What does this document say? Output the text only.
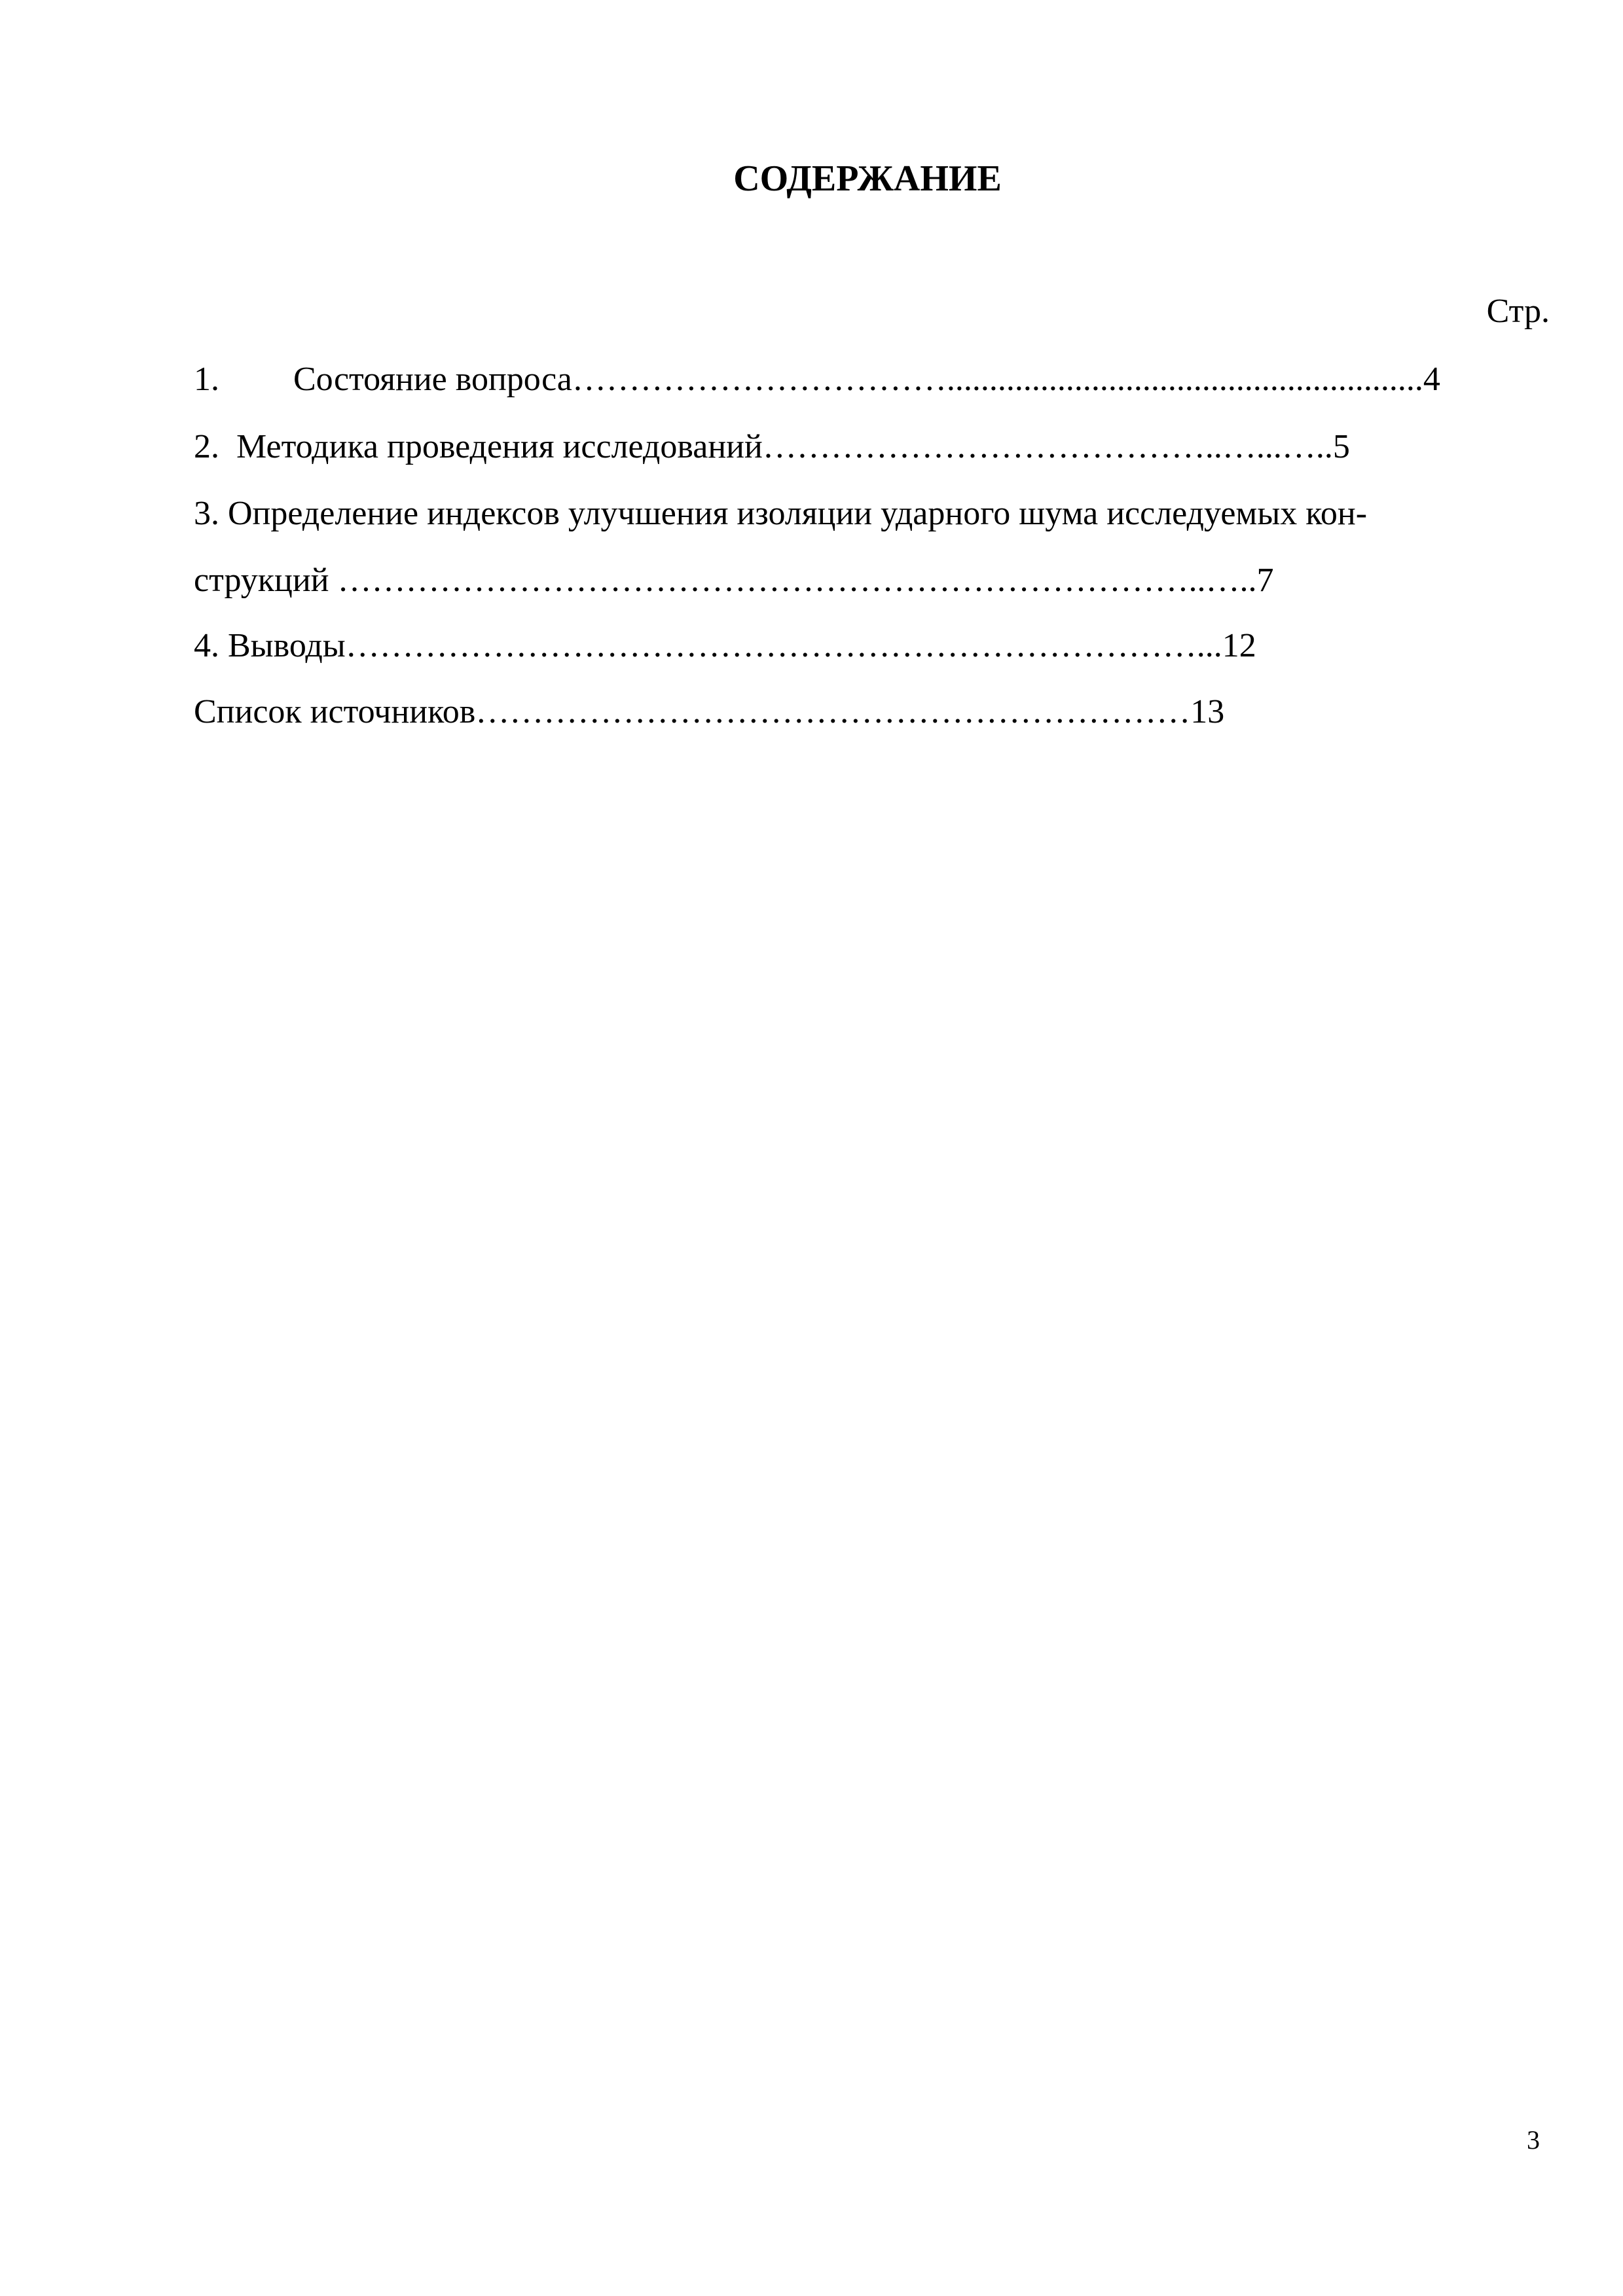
СОДЕРЖАНИЕ
Стр.
1. Состояние вопроса……………………………........................................................4
2. Методика проведения исследований…………………………………..…...…..5
3. Определение индексов улучшения изоляции ударного шума исследуемых кон-
струкций …………………………………………………………………..…..7
4. Выводы…………………………………………………………………...12
Список источников………………………………………………………13
3
